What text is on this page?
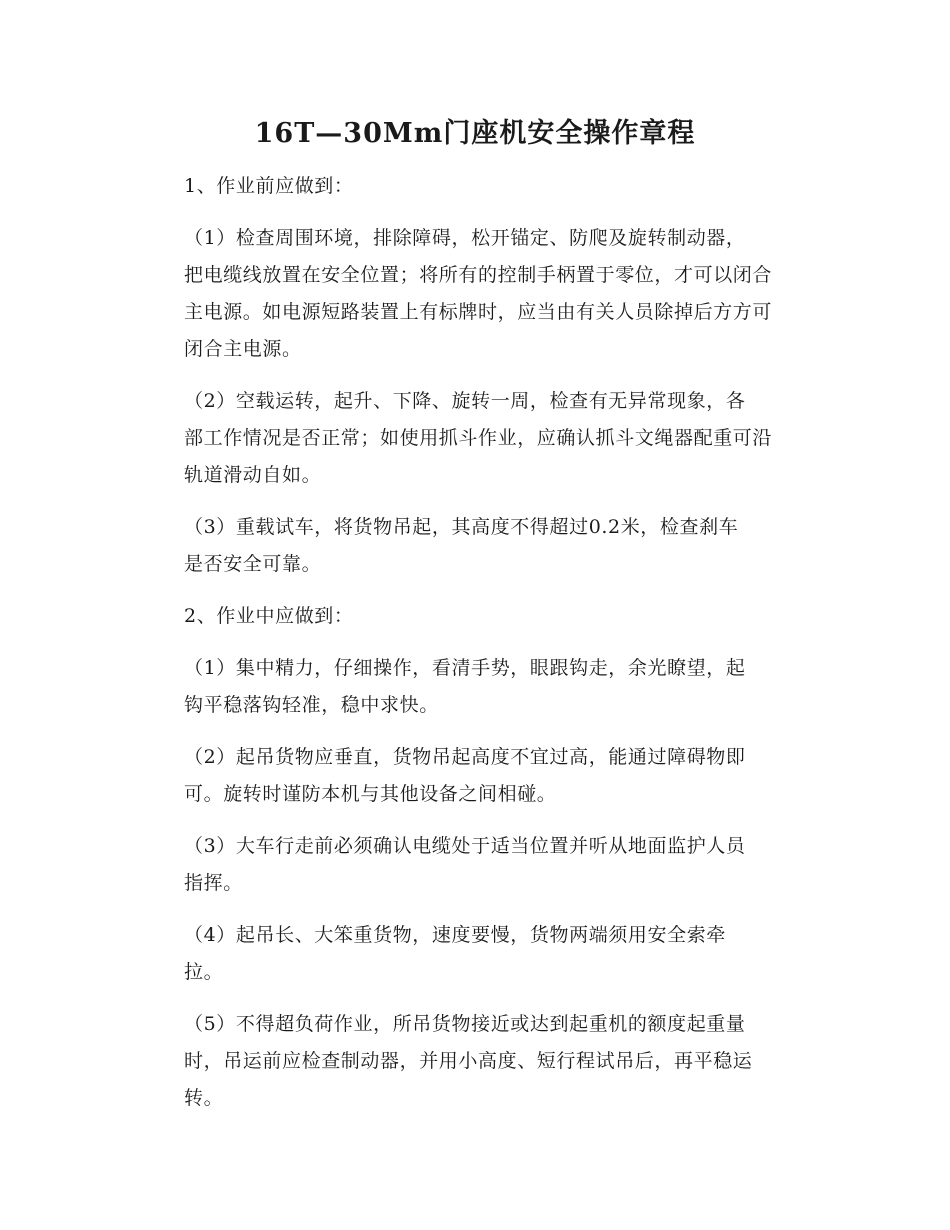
16T—30Mm门座机安全操作章程

1、作业前应做到：

（1）检查周围环境，排除障碍，松开锚定、防爬及旋转制动器，
把电缆线放置在安全位置；将所有的控制手柄置于零位，才可以闭合
主电源。如电源短路装置上有标牌时，应当由有关人员除掉后方方可
闭合主电源。

（2）空载运转，起升、下降、旋转一周，检查有无异常现象，各
部工作情况是否正常；如使用抓斗作业，应确认抓斗文绳器配重可沿
轨道滑动自如。

（3）重载试车，将货物吊起，其高度不得超过0.2米，检查刹车
是否安全可靠。

2、作业中应做到：

（1）集中精力，仔细操作，看清手势，眼跟钩走，余光瞭望，起
钩平稳落钩轻准，稳中求快。

（2）起吊货物应垂直，货物吊起高度不宜过高，能通过障碍物即
可。旋转时谨防本机与其他设备之间相碰。

（3）大车行走前必须确认电缆处于适当位置并听从地面监护人员
指挥。

（4）起吊长、大笨重货物，速度要慢，货物两端须用安全索牵
拉。

（5）不得超负荷作业，所吊货物接近或达到起重机的额度起重量
时，吊运前应检查制动器，并用小高度、短行程试吊后，再平稳运
转。
